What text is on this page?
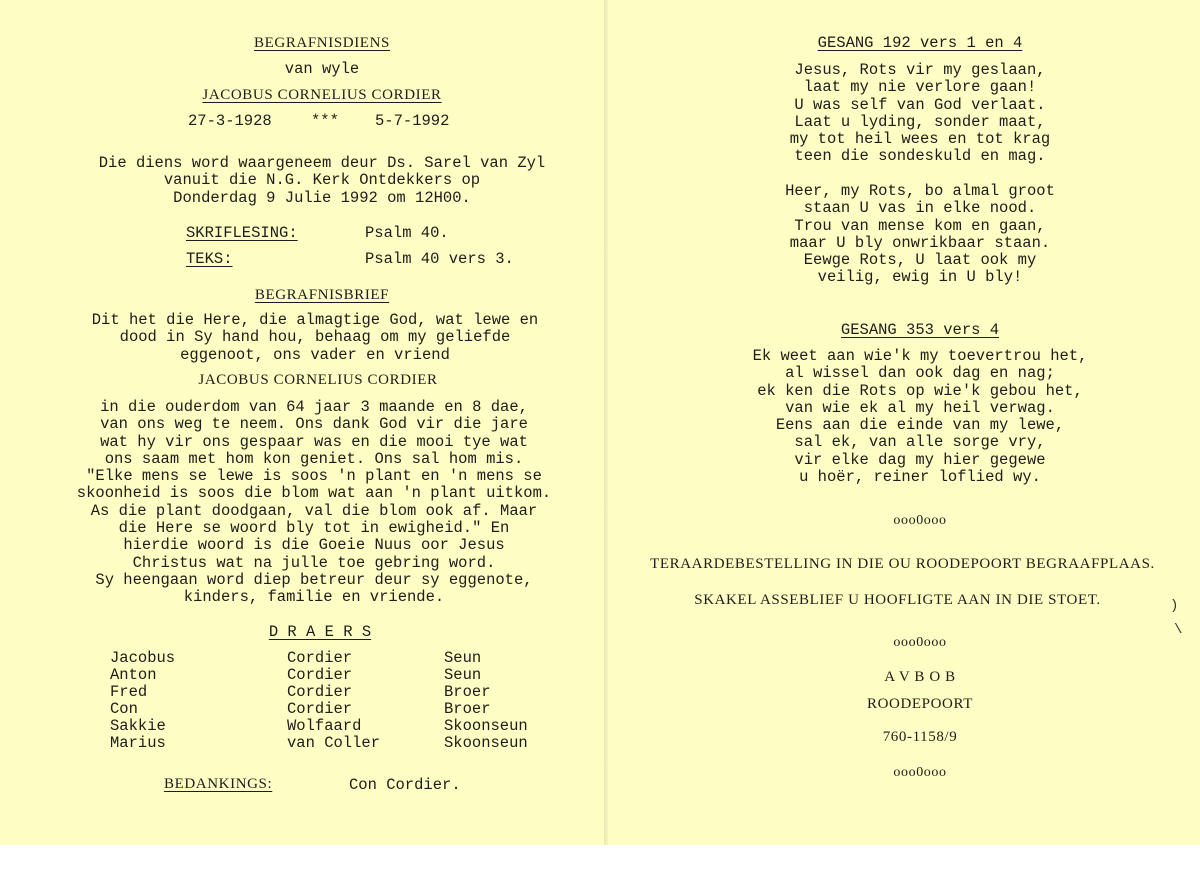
BEGRAFNISDIENS
van wyle
JACOBUS CORNELIUS CORDIER
27-3-1928	*** 5-7-1992
Die diens word waargeneem deur Ds. Sarel van Zyl
vanuit die N.G. Kerk Ontdekkers op
Donderdag 9 Julie 1992 om 12H00.
SKRIFLESING:	Psalm 40.
TEKS:	Psalm 40 vers 3.
BEGRAFNISBRIEF
Dit het die Here, die almagtige God, wat lewe en
dood in Sy hand hou, behaag om my geliefde
eggenoot, ons vader en vriend
JACOBUS CORNELIUS CORDIER
in die ouderdom van 64 jaar 3 maande en 8 dae,
van ons weg te neem. Ons dank God vir die jare
wat hy vir ons gespaar was en die mooi tye wat
ons saam met hom kon geniet. Ons sal hom mis.
"Elke mens se lewe is soos 'n plant en 'n mens se
skoonheid is soos die blom wat aan 'n plant uitkom.
As die plant doodgaan, val die blom ook af. Maar
die Here se woord bly tot in ewigheid." En
hierdie woord is die Goeie Nuus oor Jesus
Christus wat na julle toe gebring word.
Sy heengaan word diep betreur deur sy eggenote,
kinders, familie en vriende.
D R A E R S
Jacobus	Cordier	Seun
Anton	Cordier	Seun
Fred	Cordier	Broer
Con	Cordier	Broer
Sakkie	Wolfaard	Skoonseun
Marius	van Coller	Skoonseun
BEDANKINGS:	Con Cordier.
GESANG 192 vers 1 en 4
Jesus, Rots vir my geslaan,
laat my nie verlore gaan!
U was self van God verlaat.
Laat u lyding, sonder maat,
my tot heil wees en tot krag
teen die sondeskuld en mag.
Heer, my Rots, bo almal groot
staan U vas in elke nood.
Trou van mense kom en gaan,
maar U bly onwrikbaar staan.
Eewge Rots, U laat ook my
veilig, ewig in U bly!
GESANG 353 vers 4
Ek weet aan wie'k my toevertrou het,
al wissel dan ook dag en nag;
ek ken die Rots op wie'k gebou het,
van wie ek al my heil verwag.
Eens aan die einde van my lewe,
sal ek, van alle sorge vry,
vir elke dag my hier gegewe
u hoër, reiner loflied wy.
ooo0ooo
TERAARDEBESTELLING IN DIE OU ROODEPOORT BEGRAAFPLAAS.
SKAKEL ASSEBLIEF U HOOFLIGTE AAN IN DIE STOET.
ooo0ooo
A V B O B
ROODEPOORT
760-1158/9
ooo0ooo
)
\
